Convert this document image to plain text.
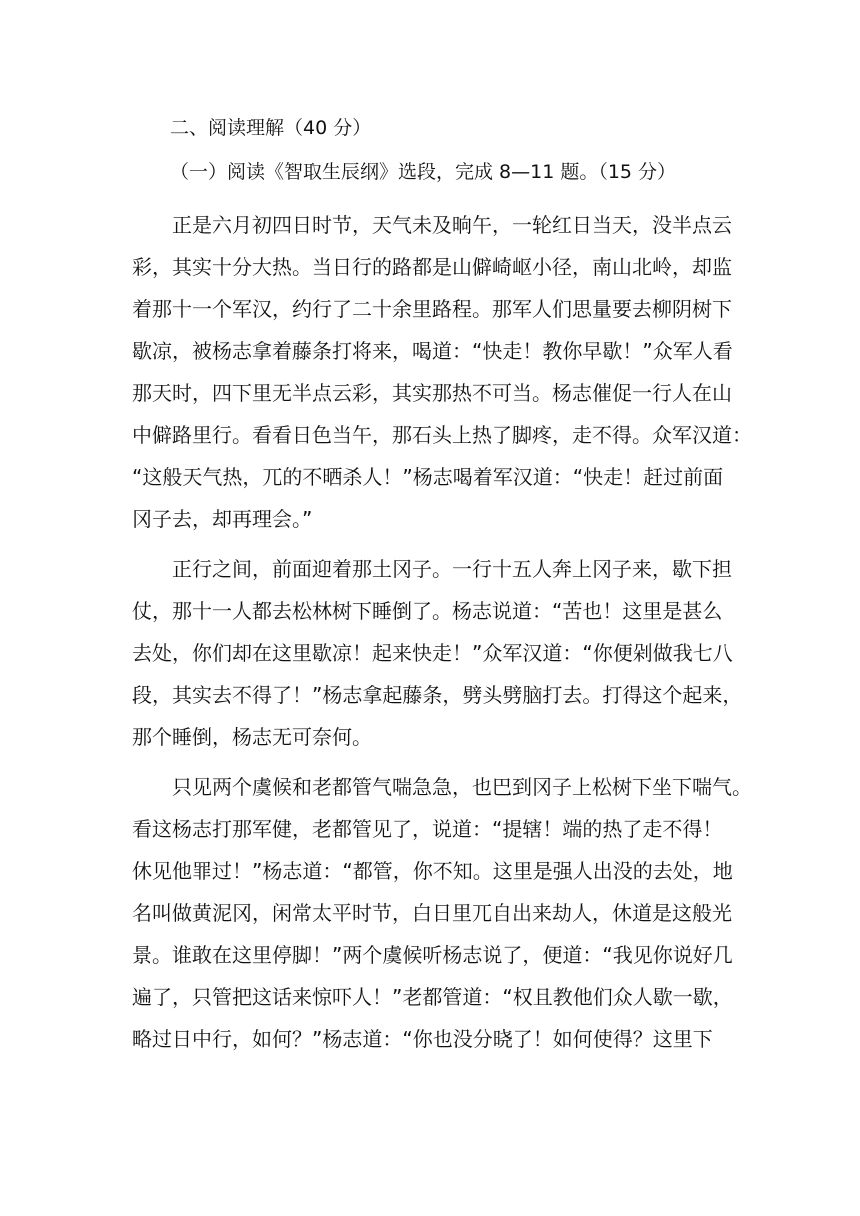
二、阅读理解（40 分）
（一）阅读《智取生辰纲》选段，完成 8—11 题。（15 分）
　　正是六月初四日时节，天气未及晌午，一轮红日当天，没半点云
彩，其实十分大热。当日行的路都是山僻崎岖小径，南山北岭，却监
着那十一个军汉，约行了二十余里路程。那军人们思量要去柳阴树下
歇凉，被杨志拿着藤条打将来，喝道：“快走！教你早歇！”众军人看
那天时，四下里无半点云彩，其实那热不可当。杨志催促一行人在山
中僻路里行。看看日色当午，那石头上热了脚疼，走不得。众军汉道：
“这般天气热，兀的不晒杀人！”杨志喝着军汉道：“快走！赶过前面
冈子去，却再理会。”
　　正行之间，前面迎着那土冈子。一行十五人奔上冈子来，歇下担
仗，那十一人都去松林树下睡倒了。杨志说道：“苦也！这里是甚么
去处，你们却在这里歇凉！起来快走！”众军汉道：“你便剁做我七八
段，其实去不得了！”杨志拿起藤条，劈头劈脑打去。打得这个起来，
那个睡倒，杨志无可奈何。
　　只见两个虞候和老都管气喘急急，也巴到冈子上松树下坐下喘气。
看这杨志打那军健，老都管见了，说道：“提辖！端的热了走不得！
休见他罪过！”杨志道：“都管，你不知。这里是强人出没的去处，地
名叫做黄泥冈，闲常太平时节，白日里兀自出来劫人，休道是这般光
景。谁敢在这里停脚！”两个虞候听杨志说了，便道：“我见你说好几
遍了，只管把这话来惊吓人！”老都管道：“权且教他们众人歇一歇，
略过日中行，如何？”杨志道：“你也没分晓了！如何使得？这里下
